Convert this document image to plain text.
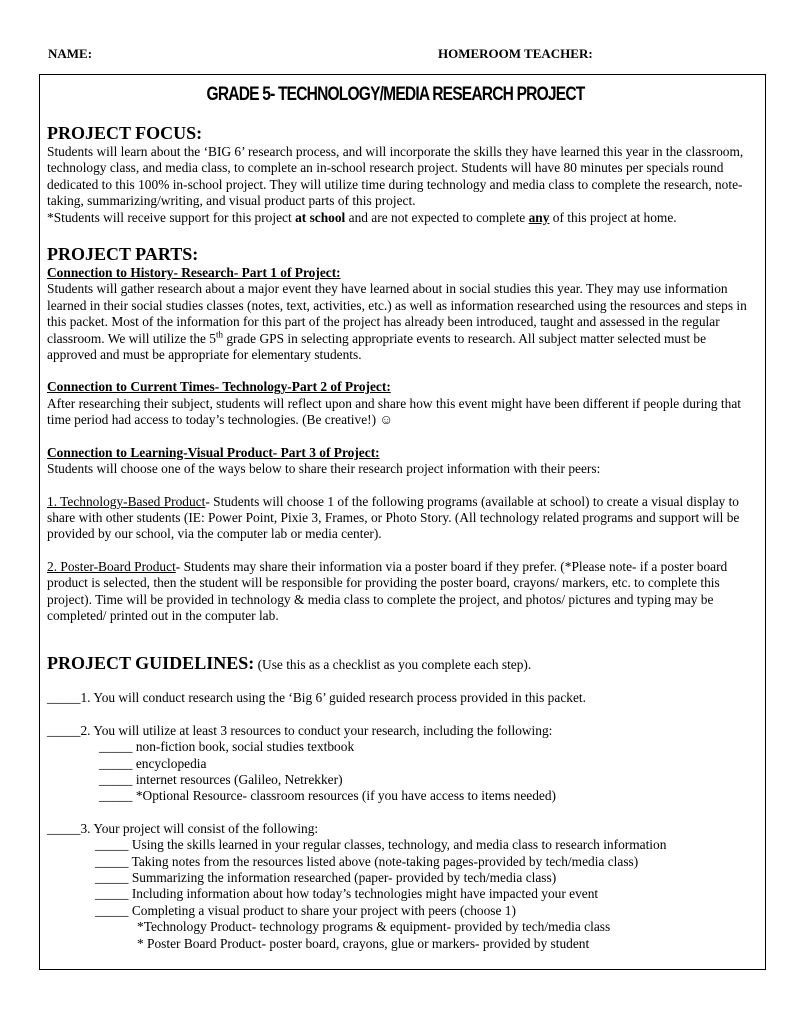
NAME:	HOMEROOM TEACHER:
GRADE 5- TECHNOLOGY/MEDIA RESEARCH PROJECT
PROJECT FOCUS:

Students will learn about the ‘BIG 6’ research process, and will incorporate the skills they have learned this year in the classroom, technology class, and media class, to complete an in-school research project. Students will have 80 minutes per specials round dedicated to this 100% in-school project. They will utilize time during technology and media class to complete the research, note-taking, summarizing/writing, and visual product parts of this project.

*Students will receive support for this project at school and are not expected to complete any of this project at home.

PROJECT PARTS:

Connection to History- Research- Part 1 of Project:

Students will gather research about a major event they have learned about in social studies this year. They may use information learned in their social studies classes (notes, text, activities, etc.) as well as information researched using the resources and steps in this packet. Most of the information for this part of the project has already been introduced, taught and assessed in the regular classroom. We will utilize the 5th grade GPS in selecting appropriate events to research. All subject matter selected must be approved and must be appropriate for elementary students.

Connection to Current Times- Technology-Part 2 of Project:

After researching their subject, students will reflect upon and share how this event might have been different if people during that time period had access to today’s technologies. (Be creative!) ☺

Connection to Learning-Visual Product- Part 3 of Project:

Students will choose one of the ways below to share their research project information with their peers:

1. Technology-Based Product- Students will choose 1 of the following programs (available at school) to create a visual display to share with other students (IE: Power Point, Pixie 3, Frames, or Photo Story. (All technology related programs and support will be provided by our school, via the computer lab or media center).

2. Poster-Board Product- Students may share their information via a poster board if they prefer. (*Please note- if a poster board product is selected, then the student will be responsible for providing the poster board, crayons/ markers, etc. to complete this project). Time will be provided in technology & media class to complete the project, and photos/ pictures and typing may be completed/ printed out in the computer lab.

PROJECT GUIDELINES: (Use this as a checklist as you complete each step).

_____1. You will conduct research using the ‘Big 6’ guided research process provided in this packet.

_____2. You will utilize at least 3 resources to conduct your research, including the following:

_____ non-fiction book, social studies textbook

_____ encyclopedia

_____ internet resources (Galileo, Netrekker)

_____ *Optional Resource- classroom resources (if you have access to items needed)

_____3. Your project will consist of the following:

_____ Using the skills learned in your regular classes, technology, and media class to research information

_____ Taking notes from the resources listed above (note-taking pages-provided by tech/media class)

_____ Summarizing the information researched (paper- provided by tech/media class)

_____ Including information about how today’s technologies might have impacted your event

_____ Completing a visual product to share your project with peers (choose 1)

*Technology Product- technology programs & equipment- provided by tech/media class

* Poster Board Product- poster board, crayons, glue or markers- provided by student
